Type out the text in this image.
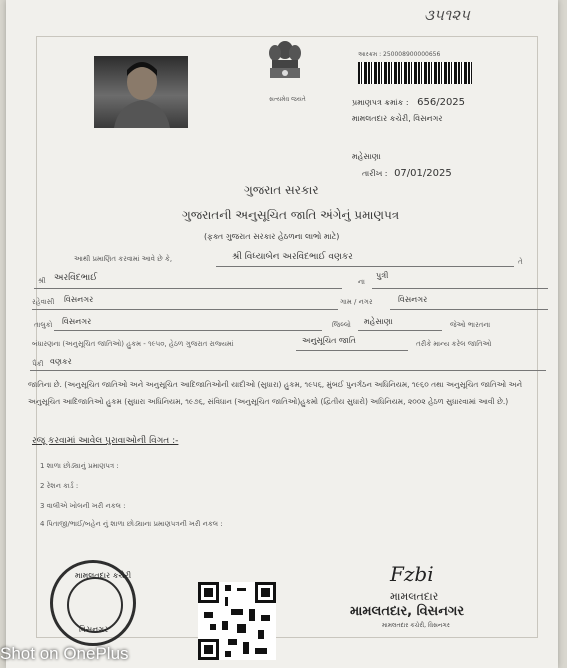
૩૫૧૨૫
સત્યમેવ જયતે
આરક્રમ : 250008900000656
પ્રમાણપત્ર ક્રમાંક : 656/2025
મામલતદાર કચેરી, વિસનગર
મહેસાણા
તારીખ : 07/01/2025
ગુજરાત સરકાર
ગુજરાતની અનુસૂચિત જાતિ અંગેનું પ્રમાણપત્ર
(ફક્ત ગુજરાત સરકાર હેઠળના લાભો માટે)
આથી પ્રમાણિત કરવામાં આવે છે કે,	શ્રી વિધ્યાબેન અરવિંદભાઈ વણકર	તે
શ્રી અરવિંદભાઈ	ના
પુત્રી
રહેવાસી વિસનગર	ગામ / નગર	વિસનગર
તાલુકો વિસનગર	જિલ્લો મહેસાણા	જેઓ ભારતના
બંધારણના (અનુસૂચિત જાતિઓ) હુકમ - ૧૯૫૦, હેઠળ ગુજરાત રાજ્યમાં	અનુસૂચિત જાતિ	તરીકે માન્ય કરેલ જાતિઓ
પૈકી વણકર
જાતિના છે. (અનુસૂચિત જાતિઓ અને અનુસૂચિત આદિજાતિઓની યાદીઓ (સુધારા) હુકમ, ૧૯૫૬, મુંબઈ પુનર્ગઠન અધિનિયમ, ૧૯૬૦ તથા અનુસૂચિત જાતિઓ અને અનુસૂચિત આદિજાતિઓ હુકમ (સુધારા અધિનિયમ, ૧૯૭૬, સંવિધાન (અનુસૂચિત જાતિઓ)હુકમો (દ્વિતીય સુધારો) અધિનિયમ, ૨૦૦૨ હેઠળ સુધારવામાં આવી છે.)
રજૂ કરવામાં આવેલ પુરાવાઓની વિગત :-
1 શાળા છોડ્યાનું પ્રમાણપત્ર :
2 રેશન કાર્ડ :
3 વાલીએ ખોલની ખરી નકલ :
4 પિતાજી/ભાઈ/બહેન નું શાળા છોડ્યાના પ્રમાણપત્રની ખરી નકલ :
મામલતદાર કચેરી
વિસનગર
Fzbi
મામલતદાર
મામલતદાર, વિસનગર
મામલતદાર કચેરી, વિસનગર
Shot on OnePlus
